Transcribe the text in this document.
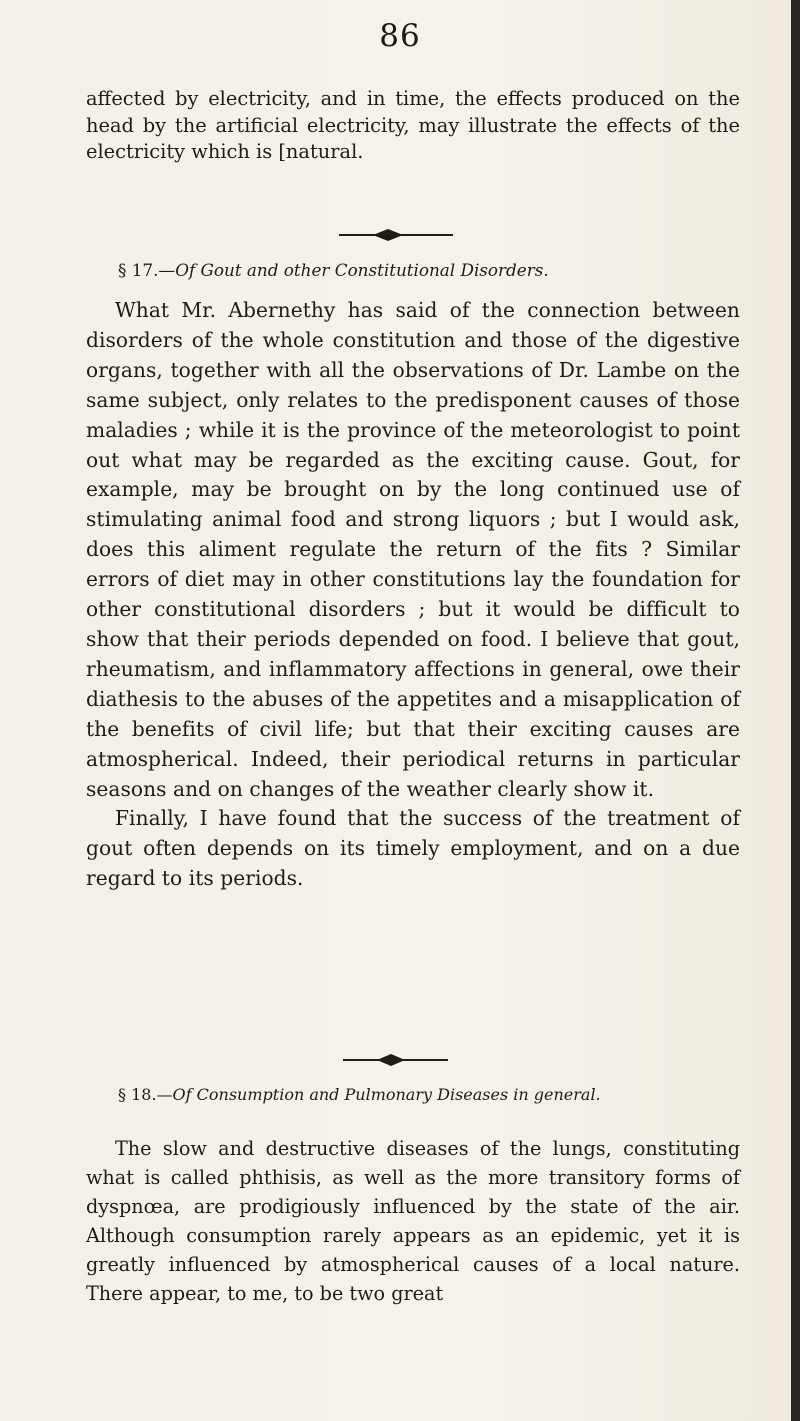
86

affected by electricity, and in time, the effects produced on the head by the artificial electricity, may illustrate the effects of the electricity which is [natural.

§ 17.—Of Gout and other Constitutional Disorders.

What Mr. Abernethy has said of the connection between disorders of the whole constitution and those of the digestive organs, together with all the observations of Dr. Lambe on the same subject, only relates to the predisponent causes of those maladies ; while it is the province of the meteorologist to point out what may be regarded as the exciting cause. Gout, for example, may be brought on by the long continued use of stimulating animal food and strong liquors ; but I would ask, does this aliment regulate the return of the fits ? Similar errors of diet may in other constitutions lay the foundation for other constitutional disorders ; but it would be difficult to show that their periods depended on food. I believe that gout, rheumatism, and inflammatory affections in general, owe their diathesis to the abuses of the appetites and a misapplication of the benefits of civil life; but that their exciting causes are atmospherical. Indeed, their periodical returns in particular seasons and on changes of the weather clearly show it.

Finally, I have found that the success of the treatment of gout often depends on its timely employment, and on a due regard to its periods.

§ 18.—Of Consumption and Pulmonary Diseases in general.

The slow and destructive diseases of the lungs, constituting what is called phthisis, as well as the more transitory forms of dyspnœa, are prodigiously influenced by the state of the air. Although consumption rarely appears as an epidemic, yet it is greatly influenced by atmospherical causes of a local nature. There appear, to me, to be two great
